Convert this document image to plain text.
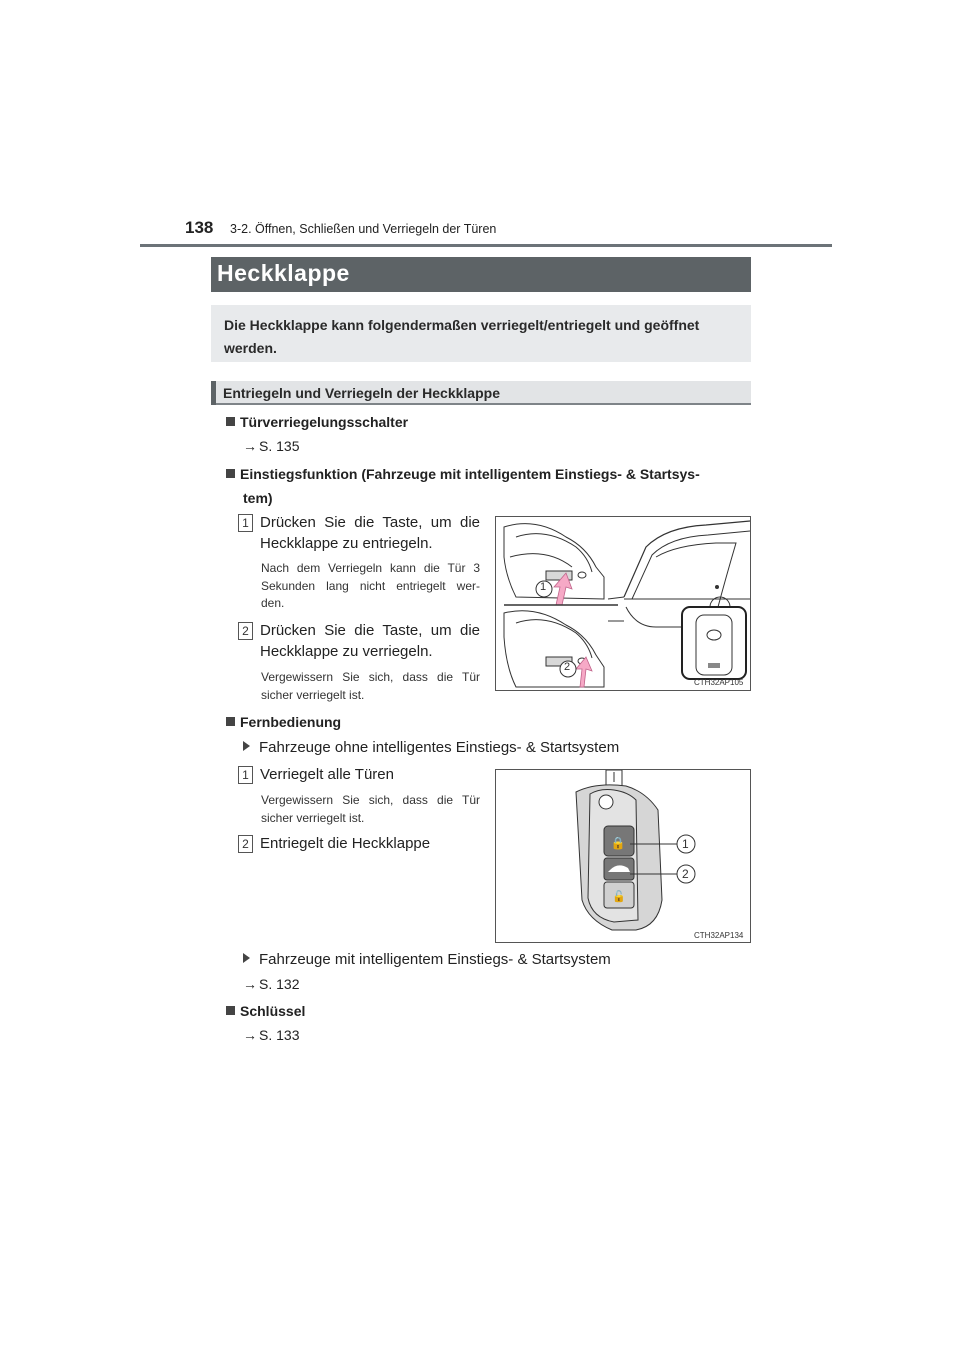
138 3-2. Öffnen, Schließen und Verriegeln der Türen
Heckklappe
Die Heckklappe kann folgendermaßen verriegelt/entriegelt und geöffnet werden.
Entriegeln und Verriegeln der Heckklappe
Türverriegelungsschalter
→ S. 135
Einstiegsfunktion (Fahrzeuge mit intelligentem Einstiegs- & Startsys-
tem)
1 Drücken Sie die Taste, um die
Heckklappe zu entriegeln.
Nach dem Verriegeln kann die Tür 3
Sekunden lang nicht entriegelt wer-
den.
2 Drücken Sie die Taste, um die
Heckklappe zu verriegeln.
Vergewissern Sie sich, dass die Tür
sicher verriegelt ist.
1
2
CTH32AP105
Fernbedienung
Fahrzeuge ohne intelligentes Einstiegs- & Startsystem
1 Verriegelt alle Türen
Vergewissern Sie sich, dass die Tür
sicher verriegelt ist.
2 Entriegelt die Heckklappe	🔒
🔓
1
2
CTH32AP134
Fahrzeuge mit intelligentem Einstiegs- & Startsystem
→ S. 132
Schlüssel
→ S. 133
